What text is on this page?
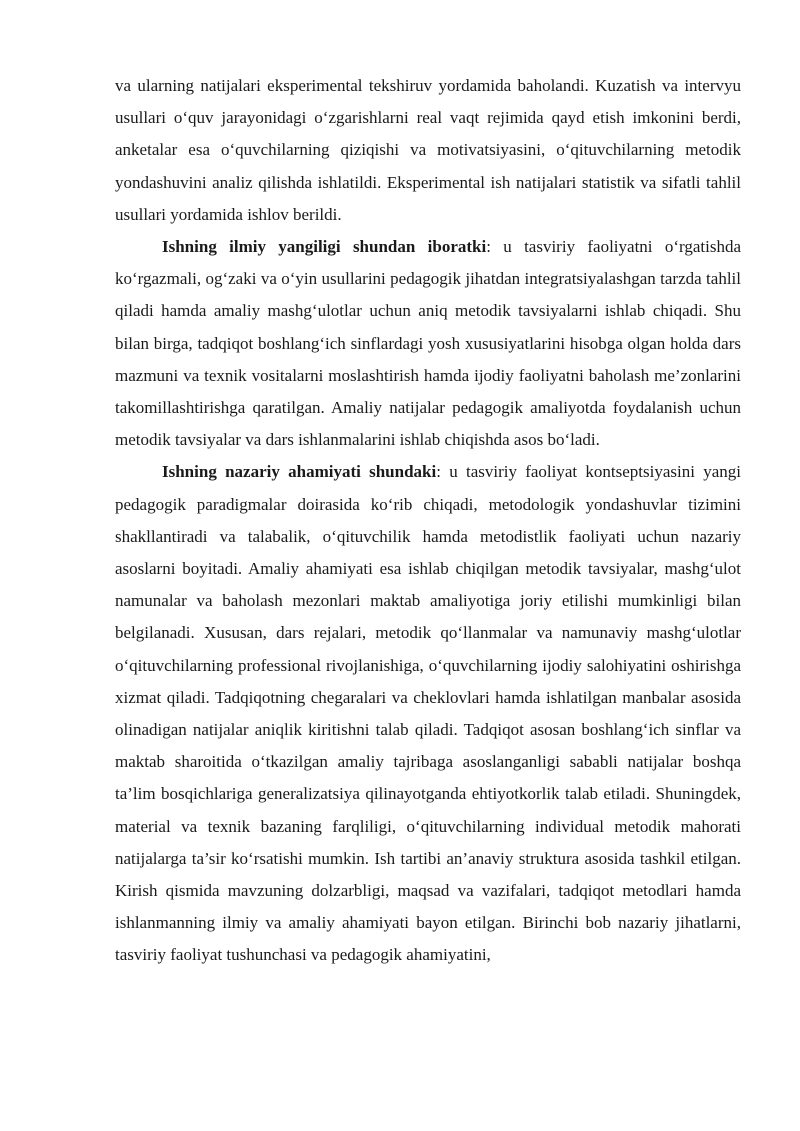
va ularning natijalari eksperimental tekshiruv yordamida baholandi. Kuzatish va intervyu usullari o‘quv jarayonidagi o‘zgarishlarni real vaqt rejimida qayd etish imkonini berdi, anketalar esa o‘quvchilarning qiziqishi va motivatsiyasini, o‘qituvchilarning metodik yondashuvini analiz qilishda ishlatildi. Eksperimental ish natijalari statistik va sifatli tahlil usullari yordamida ishlov berildi.

Ishning ilmiy yangiligi shundan iboratki: u tasviriy faoliyatni o‘rgatishda ko‘rgazmali, og‘zaki va o‘yin usullarini pedagogik jihatdan integratsiyalashgan tarzda tahlil qiladi hamda amaliy mashg‘ulotlar uchun aniq metodik tavsiyalarni ishlab chiqadi. Shu bilan birga, tadqiqot boshlang‘ich sinflardagi yosh xususiyatlarini hisobga olgan holda dars mazmuni va texnik vositalarni moslashtirish hamda ijodiy faoliyatni baholash me’zonlarini takomillashtirishga qaratilgan. Amaliy natijalar pedagogik amaliyotda foydalanish uchun metodik tavsiyalar va dars ishlanmalarini ishlab chiqishda asos bo‘ladi.

Ishning nazariy ahamiyati shundaki: u tasviriy faoliyat kontseptsiyasini yangi pedagogik paradigmalar doirasida ko‘rib chiqadi, metodologik yondashuvlar tizimini shakllantiradi va talabalik, o‘qituvchilik hamda metodistlik faoliyati uchun nazariy asoslarni boyitadi. Amaliy ahamiyati esa ishlab chiqilgan metodik tavsiyalar, mashg‘ulot namunalar va baholash mezonlari maktab amaliyotiga joriy etilishi mumkinligi bilan belgilanadi. Xususan, dars rejalari, metodik qo‘llanmalar va namunaviy mashg‘ulotlar o‘qituvchilarning professional rivojlanishiga, o‘quvchilarning ijodiy salohiyatini oshirishga xizmat qiladi. Tadqiqotning chegaralari va cheklovlari hamda ishlatilgan manbalar asosida olinadigan natijalar aniqlik kiritishni talab qiladi. Tadqiqot asosan boshlang‘ich sinflar va maktab sharoitida o‘tkazilgan amaliy tajribaga asoslanganligi sababli natijalar boshqa ta’lim bosqichlariga generalizatsiya qilinayotganda ehtiyotkorlik talab etiladi. Shuningdek, material va texnik bazaning farqliligi, o‘qituvchilarning individual metodik mahorati natijalarga ta’sir ko‘rsatishi mumkin. Ish tartibi an’anaviy struktura asosida tashkil etilgan. Kirish qismida mavzuning dolzarbligi, maqsad va vazifalari, tadqiqot metodlari hamda ishlanmanning ilmiy va amaliy ahamiyati bayon etilgan. Birinchi bob nazariy jihatlarni, tasviriy faoliyat tushunchasi va pedagogik ahamiyatini,
